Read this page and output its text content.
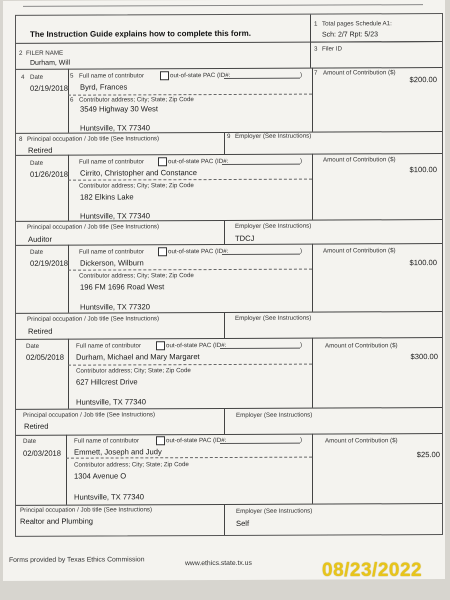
The Instruction Guide explains how to complete this form.
1 Total pages Schedule A1:
Sch: 2/7 Rpt: 5/23
3 Filer ID
2 FILER NAME
Durham, Will
4 Date
02/19/2018
5 Full name of contributor	out-of-state PAC (ID#:	)
Byrd, Frances
6 Contributor address; City; State; Zip Code
3549 Highway 30 West
Huntsville, TX 77340
7 Amount of Contribution ($)
$200.00
8 Principal occupation / Job title (See Instructions)
Retired
9 Employer (See Instructions)
Date
01/26/2018
Full name of contributor	out-of-state PAC (ID#:	)
Cirrito, Christopher and Constance
Contributor address; City; State; Zip Code
182 Elkins Lake
Huntsville, TX 77340
Amount of Contribution ($)
$100.00
Principal occupation / Job title (See Instructions)
Auditor
Employer (See Instructions)
TDCJ
Date
02/19/2018
Full name of contributor	out-of-state PAC (ID#:	)
Dickerson, Wilburn
Contributor address; City; State; Zip Code
196 FM 1696 Road West
Huntsville, TX 77320
Amount of Contribution ($)
$100.00
Principal occupation / Job title (See Instructions)
Retired
Employer (See Instructions)
Date
02/05/2018
Full name of contributor	out-of-state PAC (ID#:	)
Durham, Michael and Mary Margaret
Contributor address; City; State; Zip Code
627 Hillcrest Drive
Huntsville, TX 77340
Amount of Contribution ($)
$300.00
Principal occupation / Job title (See Instructions)
Retired
Employer (See Instructions)
Date
02/03/2018
Full name of contributor	out-of-state PAC (ID#:	)
Emmett, Joseph and Judy
Contributor address; City; State; Zip Code
1304 Avenue O
Huntsville, TX 77340
Amount of Contribution ($)
$25.00
Principal occupation / Job title (See Instructions)
Realtor and Plumbing
Employer (See Instructions)
Self
Forms provided by Texas Ethics Commission	www.ethics.state.tx.us	08/23/2022
